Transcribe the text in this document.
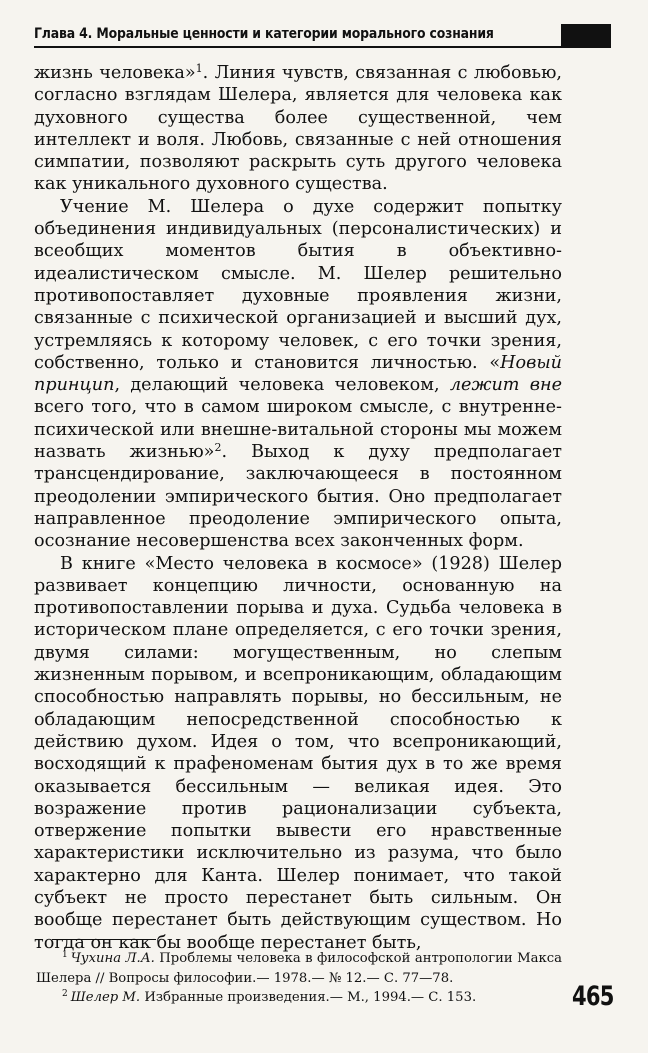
Глава 4. Моральные ценности и категории морального сознания

жизнь человека»$^1$. Линия чувств, связанная с любовью, согласно взглядам Шелера, является для человека как духовного существа более существенной, чем интеллект и воля. Любовь, связанные с ней отношения симпатии, позволяют раскрыть суть другого человека как уникального духовного существа.

Учение М. Шелера о духе содержит попытку объединения индивидуальных (персоналистических) и всеобщих моментов бытия в объективно-идеалистическом смысле. М. Шелер решительно противопоставляет духовные проявления жизни, связанные с психической организацией и высший дух, устремляясь к которому человек, с его точки зрения, собственно, только и становится личностью. «Новый принцип, делающий человека человеком, лежит вне всего того, что в самом широком смысле, с внутренне-психической или внешне-витальной стороны мы можем назвать жизнью»$^2$. Выход к духу предполагает трансцендирование, заключающееся в постоянном преодолении эмпирического бытия. Оно предполагает направленное преодоление эмпирического опыта, осознание несовершенства всех законченных форм.

В книге «Место человека в космосе» (1928) Шелер развивает концепцию личности, основанную на противопоставлении порыва и духа. Судьба человека в историческом плане определяется, с его точки зрения, двумя силами: могущественным, но слепым жизненным порывом, и всепроникающим, обладающим способностью направлять порывы, но бессильным, не обладающим непосредственной способностью к действию духом. Идея о том, что всепроникающий, восходящий к прафеноменам бытия дух в то же время оказывается бессильным — великая идея. Это возражение против рационализации субъекта, отвержение попытки вывести его нравственные характеристики исключительно из разума, что было характерно для Канта. Шелер понимает, что такой субъект не просто перестанет быть сильным. Он вообще перестанет быть действующим существом. Но тогда он как бы вообще перестанет быть,

$^1$ Чухина Л.А. Проблемы человека в философской антропологии Макса Шелера // Вопросы философии.— 1978.— № 12.— С. 77—78.

$^2$ Шелер М. Избранные произведения.— М., 1994.— С. 153.	465
